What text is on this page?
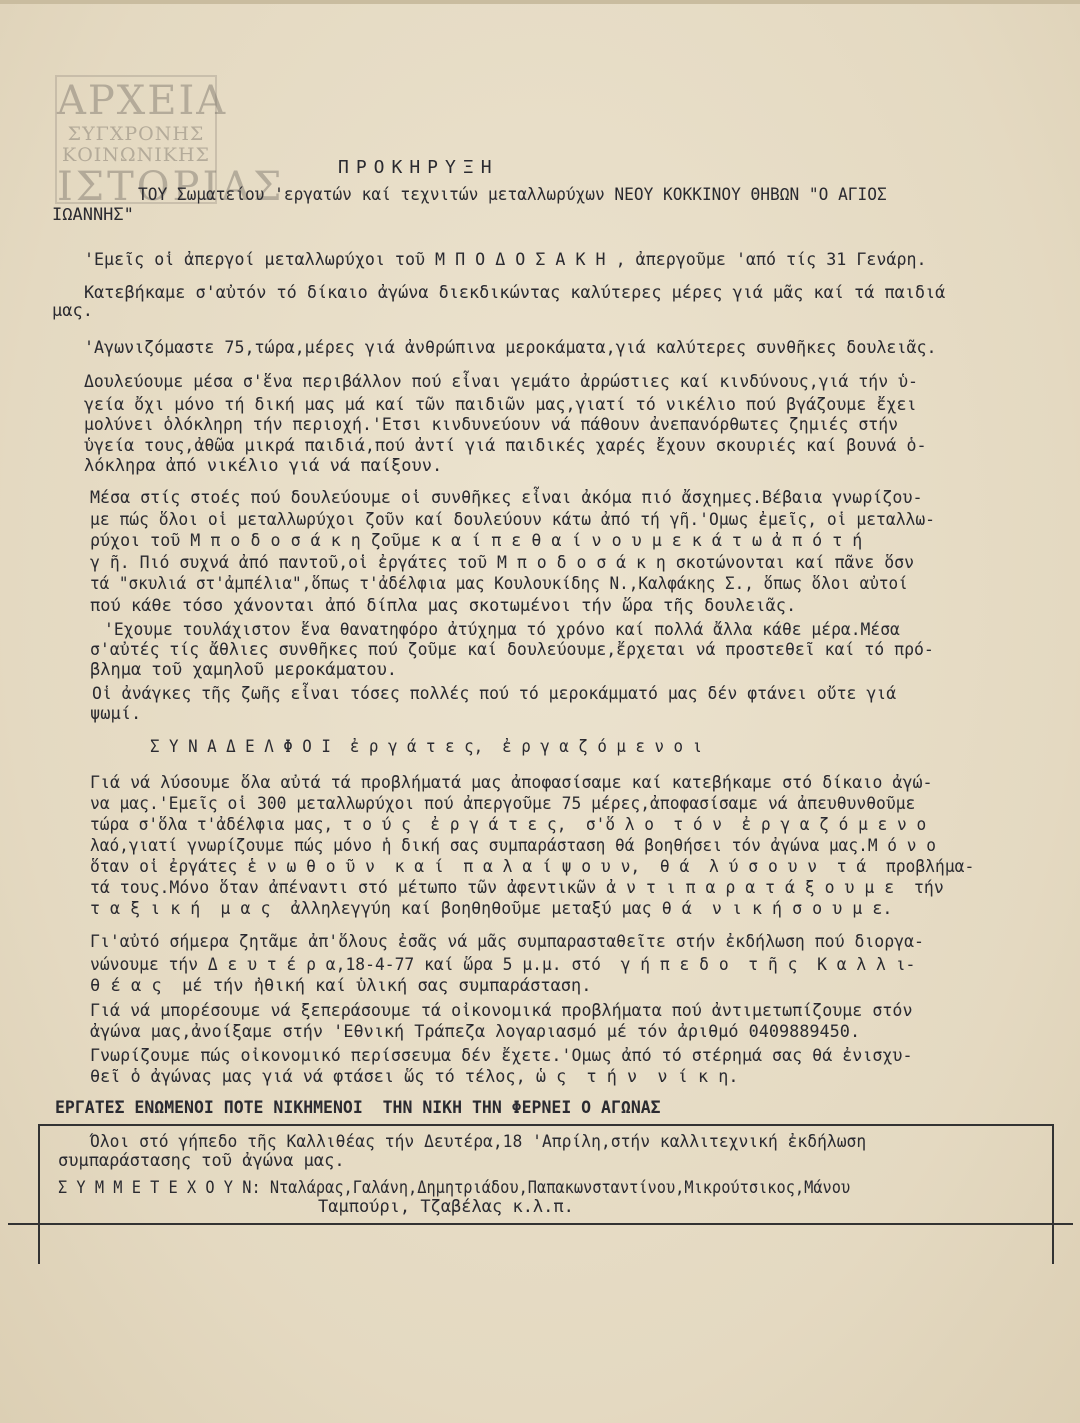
ΑΡΧΕΙΑ
ΣΥΓΧΡΟΝΗΣ
ΚΟΙΝΩΝΙΚΗΣ
ΙΣΤΟΡΙΑΣ	ΠΡΟΚΗΡΥΞΗ
ΤΟΥ Σωματείου 'εργατών καί τεχνιτών μεταλλωρύχων ΝΕΟΥ ΚΟΚΚΙΝΟΥ ΘΗΒΩΝ "Ο ΑΓΙΟΣ
ΙΩΑΝΝΗΣ"
'Εμεῖς οἱ ἀπεργοί μεταλλωρύχοι τοῦ Μ Π Ο Δ Ο Σ Α Κ Η , ἀπεργοῦμε 'από τίς 31 Γενάρη.
Κατεβήκαμε σ'αὐτόν τό δίκαιο ἀγώνα διεκδικώντας καλύτερες μέρες γιά μᾶς καί τά παιδιά
μας.
'Αγωνιζόμαστε 75,τώρα,μέρες γιά ἀνθρώπινα μεροκάματα,γιά καλύτερες συνθῆκες δουλειᾶς.
Δουλεύουμε μέσα σ'ἕνα περιβάλλον πού εἶναι γεμάτο ἀρρώστιες καί κινδύνους,γιά τήν ὑ-
γεία ὄχι μόνο τή δική μας μά καί τῶν παιδιῶν μας,γιατί τό νικέλιο πού βγάζουμε ἔχει
μολύνει ὁλόκληρη τήν περιοχή.'Ετσι κινδυνεύουν νά πάθουν ἀνεπανόρθωτες ζημιές στήν
ὑγεία τους,ἀθῶα μικρά παιδιά,πού ἀντί γιά παιδικές χαρές ἔχουν σκουριές καί βουνά ὁ-
λόκληρα ἀπό νικέλιο γιά νά παίξουν.
Μέσα στίς στοές πού δουλεύουμε οἱ συνθῆκες εἶναι ἀκόμα πιό ἄσχημες.Βέβαια γνωρίζου-
με πώς ὅλοι οἱ μεταλλωρύχοι ζοῦν καί δουλεύουν κάτω ἀπό τή γῆ.'Ομως ἐμεῖς, οἱ μεταλλω-
ρύχοι τοῦ Μ π ο δ ο σ ά κ η ζοῦμε κ α ί π ε θ α ί ν ο υ μ ε κ ά τ ω ἀ π ό τ ή
γ ῆ. Πιό συχνά ἀπό παντοῦ,οἱ ἐργάτες τοῦ Μ π ο δ ο σ ά κ η σκοτώνονται καί πᾶνε ὅσν
τά "σκυλιά στ'ἀμπέλια",ὅπως τ'ἀδέλφια μας Κουλουκίδης Ν.,Καλφάκης Σ., ὅπως ὅλοι αὐτοί
πού κάθε τόσο χάνονται ἀπό δίπλα μας σκοτωμένοι τήν ὥρα τῆς δουλειᾶς.
'Εχουμε τουλάχιστον ἕνα θανατηφόρο ἀτύχημα τό χρόνο καί πολλά ἄλλα κάθε μέρα.Μέσα
σ'αὐτές τίς ἄθλιες συνθῆκες πού ζοῦμε καί δουλεύουμε,ἔρχεται νά προστεθεῖ καί τό πρό-
βλημα τοῦ χαμηλοῦ μεροκάματου.
Οἱ ἀνάγκες τῆς ζωῆς εἶναι τόσες πολλές πού τό μεροκάμματό μας δέν φτάνει οὔτε γιά
ψωμί.
Σ Υ Ν Α Δ Ε Λ Φ Ο Ι  ἐ ρ γ ά τ ε ς,  ἐ ρ γ α ζ ό μ ε ν ο ι
Γιά νά λύσουμε ὅλα αὐτά τά προβλήματά μας ἀποφασίσαμε καί κατεβήκαμε στό δίκαιο ἀγώ-
να μας.'Εμεῖς οἱ 300 μεταλλωρύχοι πού ἀπεργοῦμε 75 μέρες,ἀποφασίσαμε νά ἀπευθυνθοῦμε
τώρα σ'ὅλα τ'ἀδέλφια μας, τ ο ύ ς  ἐ ρ γ ά τ ε ς,  σ'ὅ λ ο  τ ό ν  ἐ ρ γ α ζ ό μ ε ν ο
λαό,γιατί γνωρίζουμε πώς μόνο ἡ δική σας συμπαράσταση θά βοηθήσει τόν ἀγώνα μας.Μ ό ν ο
ὅταν οἱ ἐργάτες ἑ ν ω θ ο ῦ ν  κ α ί  π α λ α ί ψ ο υ ν,  θ ά  λ ύ σ ο υ ν  τ ά  προβλήμα-
τά τους.Μόνο ὅταν ἀπέναντι στό μέτωπο τῶν ἀφεντικῶν ἀ ν τ ι π α ρ α τ ά ξ ο υ μ ε  τήν
τ α ξ ι κ ή  μ α ς  ἀλληλεγγύη καί βοηθηθοῦμε μεταξύ μας θ ά  ν ι κ ή σ ο υ μ ε.
Γι'αὐτό σήμερα ζητᾶμε ἀπ'ὅλους ἐσᾶς νά μᾶς συμπαρασταθεῖτε στήν ἐκδήλωση πού διοργα-
νώνουμε τήν Δ ε υ τ έ ρ α,18-4-77 καί ὥρα 5 μ.μ. στό  γ ή π ε δ ο  τ ῆ ς  Κ α λ λ ι-
θ έ α ς  μέ τήν ἠθική καί ὑλική σας συμπαράσταση.
Γιά νά μπορέσουμε νά ξεπεράσουμε τά οἰκονομικά προβλήματα πού ἀντιμετωπίζουμε στόν
ἀγώνα μας,ἀνοίξαμε στήν 'Εθνική Τράπεζα λογαριασμό μέ τόν ἀριθμό 0409889450.
Γνωρίζουμε πώς οἰκονομικό περίσσευμα δέν ἔχετε.'Ομως ἀπό τό στέρημά σας θά ἐνισχυ-
θεῖ ὁ ἀγώνας μας γιά νά φτάσει ὥς τό τέλος, ὡ ς  τ ή ν  ν ί κ η.
ΕΡΓΑΤΕΣ ΕΝΩΜΕΝΟΙ ΠΟΤΕ ΝΙΚΗΜΕΝΟΙ  ΤΗΝ ΝΙΚΗ ΤΗΝ ΦΕΡΝΕΙ Ο ΑΓΩΝΑΣ
Όλοι στό γήπεδο τῆς Καλλιθέας τήν Δευτέρα,18 'Απρίλη,στήν καλλιτεχνική ἐκδήλωση
συμπαράστασης τοῦ ἀγώνα μας.
Σ Υ Μ Μ Ε Τ Ε Χ Ο Υ Ν: Νταλάρας,Γαλάνη,Δημητριάδου,Παπακωνσταντίνου,Μικρούτσικος,Μάνου
Ταμπούρι, Τζαβέλας κ.λ.π.
